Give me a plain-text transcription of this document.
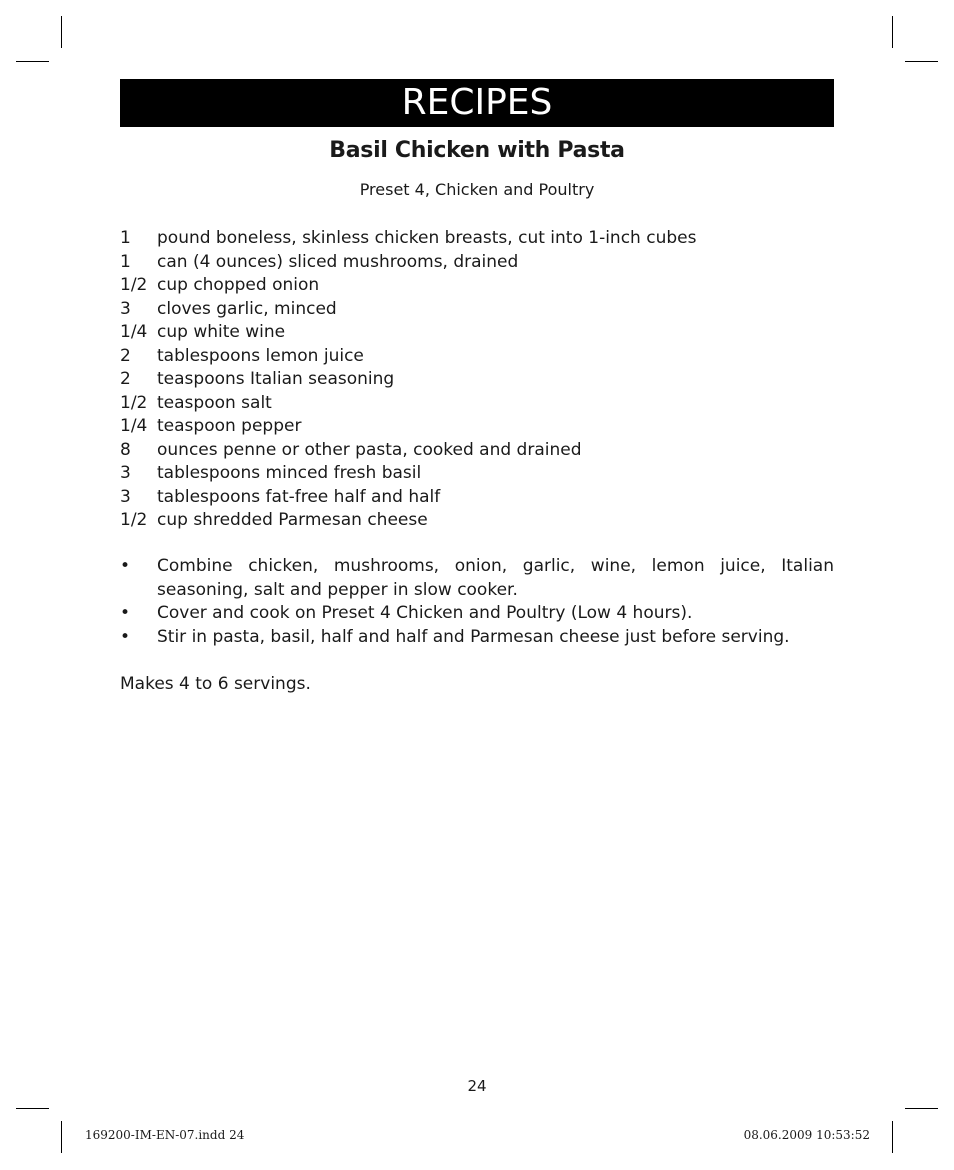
RECIPES
Basil Chicken with Pasta
Preset 4, Chicken and Poultry
1	pound boneless, skinless chicken breasts, cut into 1-inch cubes
1	can (4 ounces) sliced mushrooms, drained
1/2 cup chopped onion
3	cloves garlic, minced
1/4 cup white wine
2	tablespoons lemon juice
2	teaspoons Italian seasoning
1/2 teaspoon salt
1/4 teaspoon pepper
8	ounces penne or other pasta, cooked and drained
3	tablespoons minced fresh basil
3	tablespoons fat-free half and half
1/2 cup shredded Parmesan cheese
•	Combine chicken, mushrooms, onion, garlic, wine, lemon juice, Italian seasoning, salt and pepper in slow cooker.
•	Cover and cook on Preset 4 Chicken and Poultry (Low 4 hours).
•	Stir in pasta, basil, half and half and Parmesan cheese just before serving.
Makes 4 to 6 servings.
24
169200-IM-EN-07.indd 24	08.06.2009 10:53:52
